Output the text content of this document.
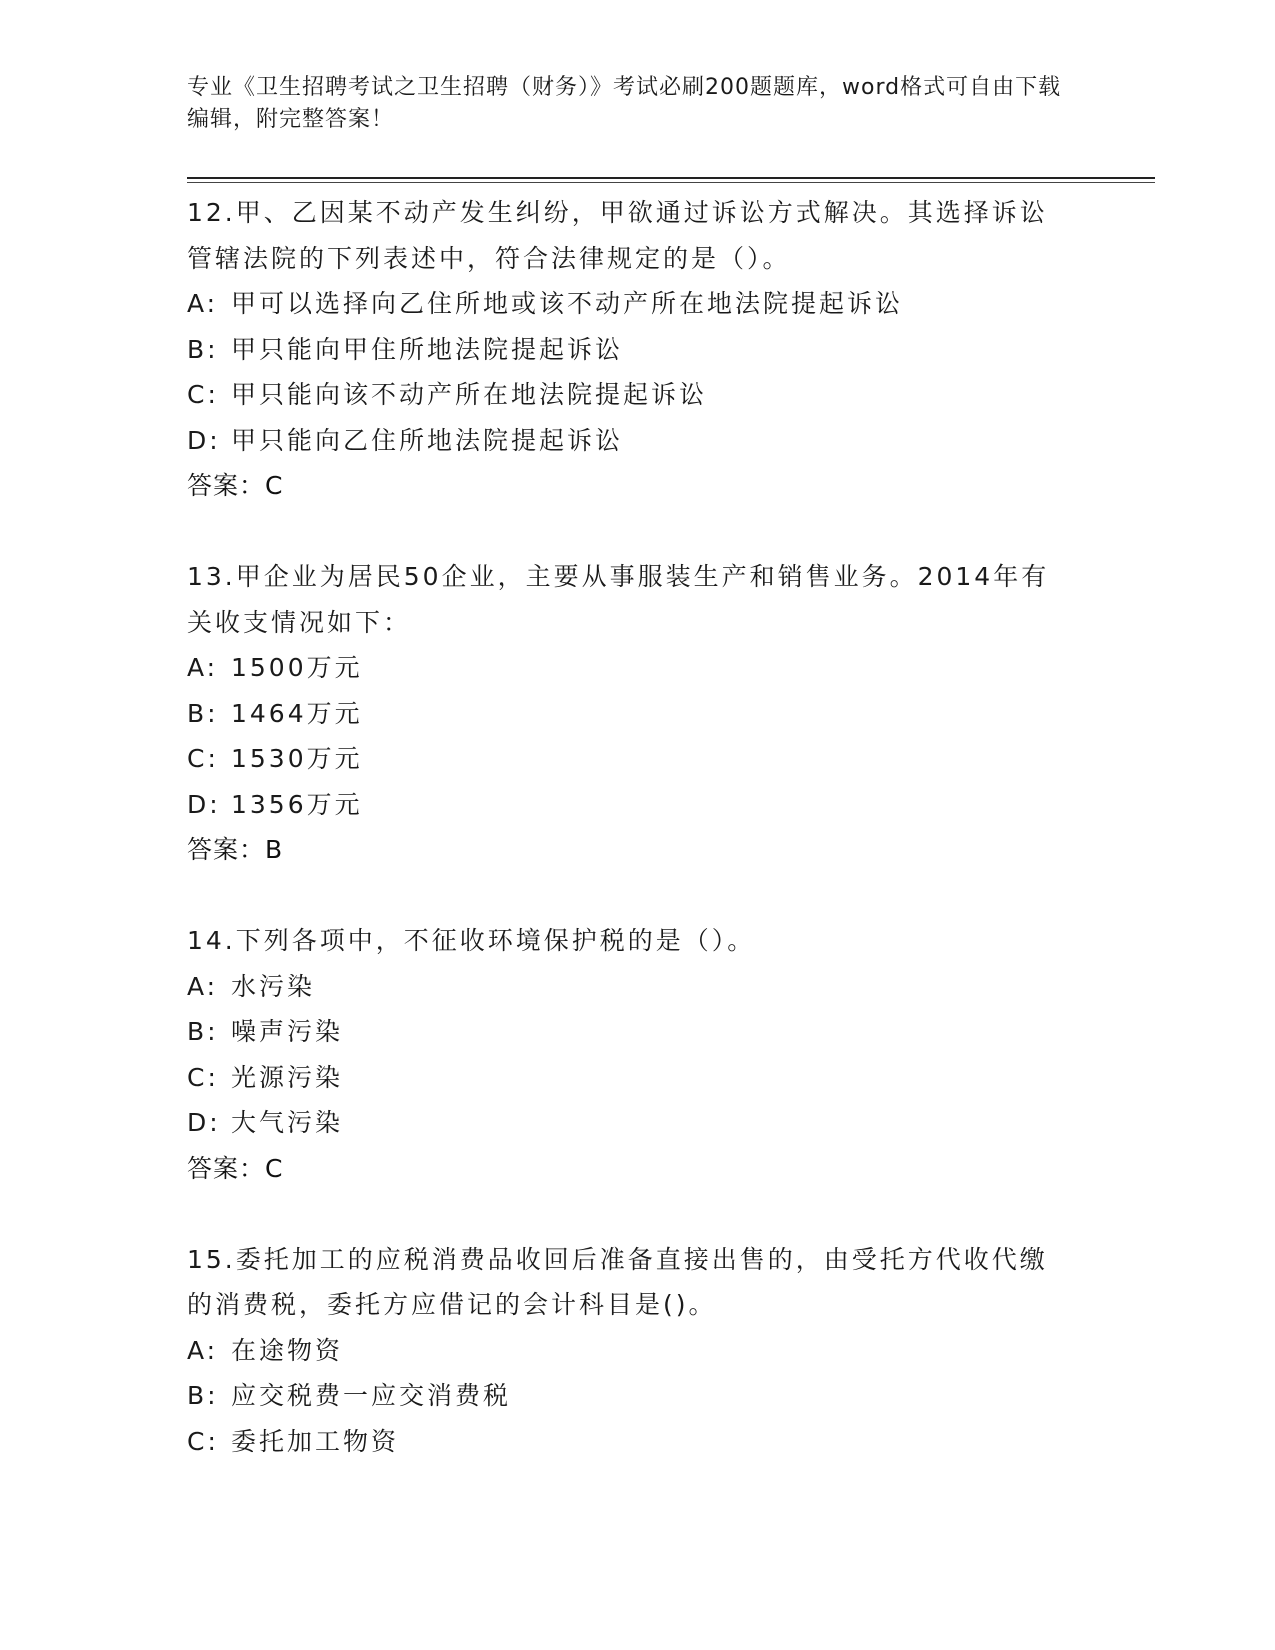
专业《卫生招聘考试之卫生招聘（财务）》考试必刷200题题库，word格式可自由下载编辑，附完整答案！
12.甲、乙因某不动产发生纠纷，甲欲通过诉讼方式解决。其选择诉讼管辖法院的下列表述中，符合法律规定的是（）。
A: 甲可以选择向乙住所地或该不动产所在地法院提起诉讼
B: 甲只能向甲住所地法院提起诉讼
C: 甲只能向该不动产所在地法院提起诉讼
D: 甲只能向乙住所地法院提起诉讼
答案：C
13.甲企业为居民50企业，主要从事服装生产和销售业务。2014年有关收支情况如下：
A: 1500万元
B: 1464万元
C: 1530万元
D: 1356万元
答案：B
14.下列各项中，不征收环境保护税的是（）。
A: 水污染
B: 噪声污染
C: 光源污染
D: 大气污染
答案：C
15.委托加工的应税消费品收回后准备直接出售的，由受托方代收代缴的消费税，委托方应借记的会计科目是()。
A: 在途物资
B: 应交税费一应交消费税
C: 委托加工物资
